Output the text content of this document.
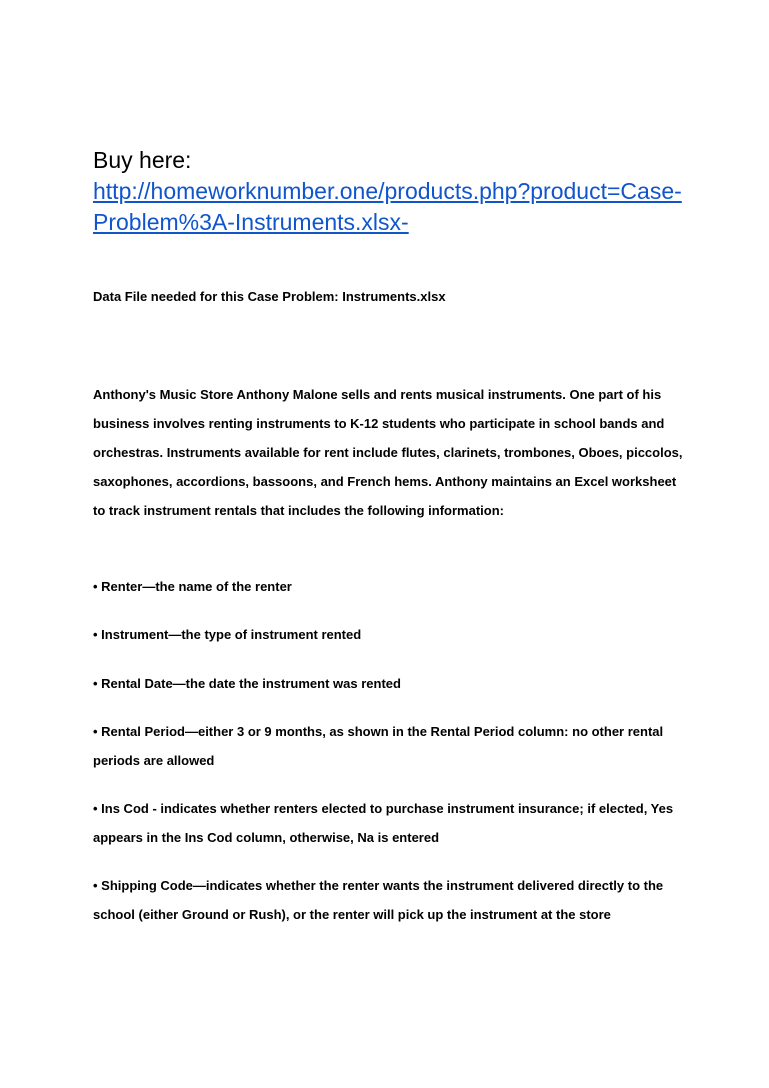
Buy here:

http://homeworknumber.one/products.php?product=Case-Problem%3A-Instruments.xlsx-

Data File needed for this Case Problem: Instruments.xlsx

Anthony's Music Store Anthony Malone sells and rents musical instruments. One part of his business involves renting instruments to K-12 students who participate in school bands and orchestras. Instruments available for rent include flutes, clarinets, trombones, Oboes, piccolos, saxophones, accordions, bassoons, and French hems. Anthony maintains an Excel worksheet to track instrument rentals that includes the following information:

• Renter—the name of the renter

• Instrument—the type of instrument rented

• Rental Date—the date the instrument was rented

• Rental Period—either 3 or 9 months, as shown in the Rental Period column: no other rental periods are allowed

• Ins Cod - indicates whether renters elected to purchase instrument insurance; if elected, Yes appears in the Ins Cod column, otherwise, Na is entered

• Shipping Code—indicates whether the renter wants the instrument delivered directly to the school (either Ground or Rush), or the renter will pick up the instrument at the store
